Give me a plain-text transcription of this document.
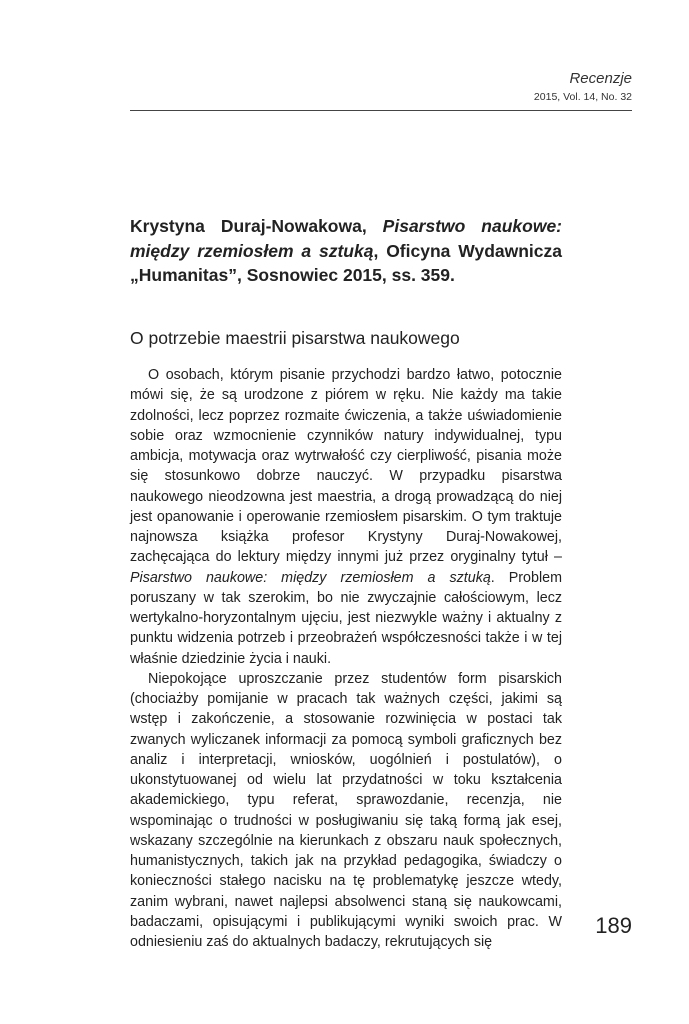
Recenzje
2015, Vol. 14, No. 32
Krystyna Duraj-Nowakowa, Pisarstwo naukowe: między rzemiosłem a sztuką, Oficyna Wydawnicza „Humanitas”, Sosnowiec 2015, ss. 359.
O potrzebie maestrii pisarstwa naukowego

O osobach, którym pisanie przychodzi bardzo łatwo, potocznie mówi się, że są urodzone z piórem w ręku. Nie każdy ma takie zdolności, lecz poprzez rozmaite ćwiczenia, a także uświadomienie sobie oraz wzmocnienie czynników natury indywidualnej, typu ambicja, motywacja oraz wytrwałość czy cierpliwość, pisania może się stosunkowo dobrze nauczyć. W przypadku pisarstwa naukowego nieodzowna jest maestria, a drogą prowadzącą do niej jest opanowanie i operowanie rzemiosłem pisarskim. O tym traktuje najnowsza książka profesor Krystyny Duraj-Nowakowej, zachęcająca do lektury między innymi już przez oryginalny tytuł – Pisarstwo naukowe: między rzemiosłem a sztuką. Problem poruszany w tak szerokim, bo nie zwyczajnie całościowym, lecz wertykalno-horyzontalnym ujęciu, jest niezwykle ważny i aktualny z punktu widzenia potrzeb i przeobrażeń współczesności także i w tej właśnie dziedzinie życia i nauki.

Niepokojące uproszczanie przez studentów form pisarskich (chociażby pomijanie w pracach tak ważnych części, jakimi są wstęp i zakończenie, a stosowanie rozwinięcia w postaci tak zwanych wyliczanek informacji za pomocą symboli graficznych bez analiz i interpretacji, wniosków, uogólnień i postulatów), o ukonstytuowanej od wielu lat przydatności w toku kształcenia akademickiego, typu referat, sprawozdanie, recenzja, nie wspominając o trudności w posługiwaniu się taką formą jak esej, wskazany szczególnie na kierunkach z obszaru nauk społecznych, humanistycznych, takich jak na przykład pedagogika, świadczy o konieczności stałego nacisku na tę problematykę jeszcze wtedy, zanim wybrani, nawet najlepsi absolwenci staną się naukowcami, badaczami, opisującymi i publikującymi wyniki swoich prac. W odniesieniu zaś do aktualnych badaczy, rekrutujących się

189
